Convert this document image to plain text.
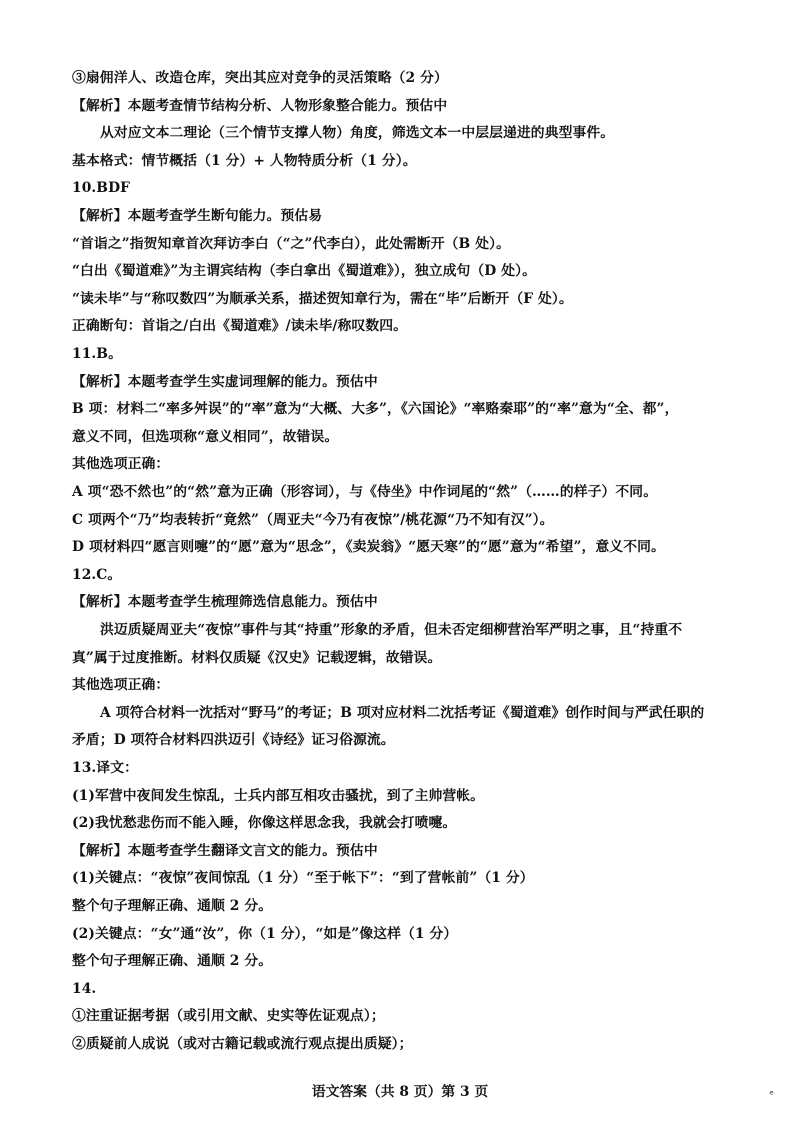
③扇佣洋人、改造仓库，突出其应对竞争的灵活策略（2 分）
【解析】本题考查情节结构分析、人物形象整合能力。预估中
从对应文本二理论（三个情节支撑人物）角度，筛选文本一中层层递进的典型事件。
基本格式：情节概括（1 分）+ 人物特质分析（1 分）。
10.BDF
【解析】本题考查学生断句能力。预估易
“首诣之”指贺知章首次拜访李白（“之”代李白），此处需断开（B 处）。
“白出《蜀道难》”为主谓宾结构（李白拿出《蜀道难》），独立成句（D 处）。
“读未毕”与“称叹数四”为顺承关系，描述贺知章行为，需在“毕”后断开（F 处）。
正确断句：首诣之/白出《蜀道难》/读未毕/称叹数四。
11.B。
【解析】本题考查学生实虚词理解的能力。预估中
B 项：材料二“率多舛误”的“率”意为“大概、大多”，《六国论》“率赂秦耶”的“率”意为“全、都”，
意义不同，但选项称“意义相同”，故错误。
其他选项正确：
A 项“恐不然也”的“然”意为正确（形容词），与《侍坐》中作词尾的“然”（……的样子）不同。
C 项两个“乃”均表转折“竟然”（周亚夫“今乃有夜惊”/桃花源“乃不知有汉”）。
D 项材料四“愿言则嚏”的“愿”意为“思念”，《卖炭翁》“愿天寒”的“愿”意为“希望”，意义不同。
12.C。
【解析】本题考查学生梳理筛选信息能力。预估中
洪迈质疑周亚夫“夜惊”事件与其“持重”形象的矛盾，但未否定细柳营治军严明之事，且“持重不
真”属于过度推断。材料仅质疑《汉史》记载逻辑，故错误。
其他选项正确：
A 项符合材料一沈括对“野马”的考证；B 项对应材料二沈括考证《蜀道难》创作时间与严武任职的
矛盾；D 项符合材料四洪迈引《诗经》证习俗源流。
13.译文：
(1)军营中夜间发生惊乱，士兵内部互相攻击骚扰，到了主帅营帐。
(2)我忧愁悲伤而不能入睡，你像这样思念我，我就会打喷嚏。
【解析】本题考查学生翻译文言文的能力。预估中
(1)关键点：“夜惊”夜间惊乱（1 分）“至于帐下”：“到了营帐前”（1 分）
整个句子理解正确、通顺 2 分。
(2)关键点：“女”通“汝”，你（1 分），“如是”像这样（1 分）
整个句子理解正确、通顺 2 分。
14.
①注重证据考据（或引用文献、史实等佐证观点）；
②质疑前人成说（或对古籍记载或流行观点提出质疑）；
语文答案（共 8 页）第 3 页	ᵉ
